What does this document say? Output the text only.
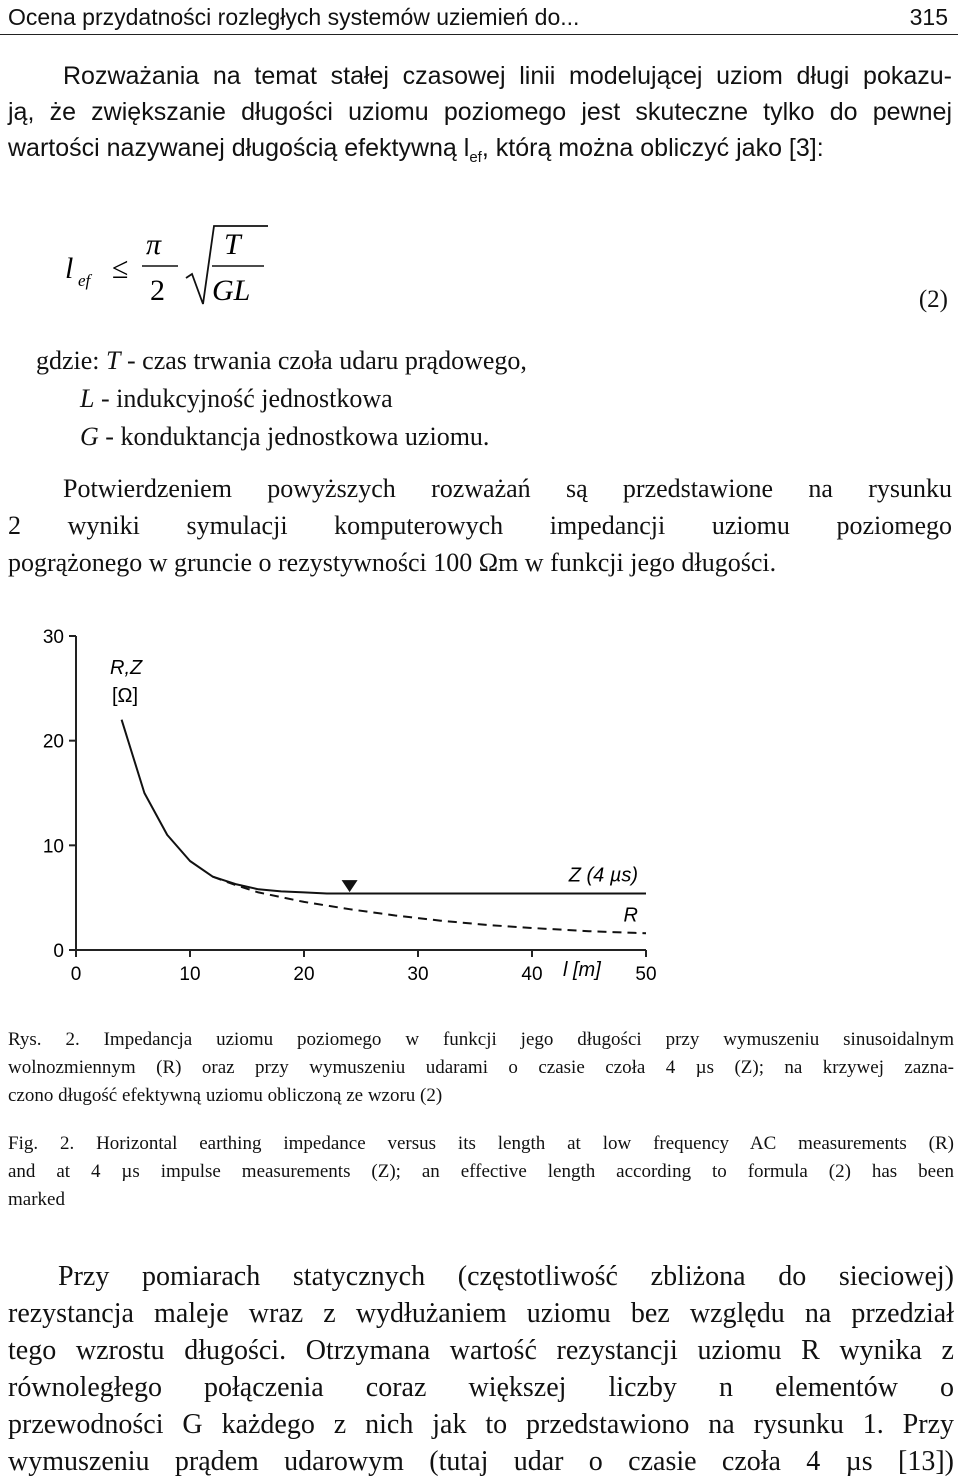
Ocena przydatności rozległych systemów uziemień do...	315
Rozważania na temat stałej czasowej linii modelującej uziom długi pokazu-
ją, że zwiększanie długości uziomu poziomego jest skuteczne tylko do pewnej
wartości nazywanej długością efektywną $l_{ef}$, którą można obliczyć jako [3]:
l ef ≤
π
2
T
GL	(2)
gdzie: T - czas trwania czoła udaru prądowego,
L - indukcyjność jednostkowa
G - konduktancja jednostkowa uziomu.
Potwierdzeniem powyższych rozważań są przedstawione na rysunku
2 wyniki symulacji komputerowych impedancji uziomu poziomego
pogrążonego w gruncie o rezystywności 100 Ωm w funkcji jego długości.
0	10	20	30	40	50
0
10
20
30
R,Z
[Ω]
l [m]
Z (4 µs)
R
Rys. 2. Impedancja uziomu poziomego w funkcji jego długości przy wymuszeniu sinusoidalnym
wolnozmiennym (R) oraz przy wymuszeniu udarami o czasie czoła 4 µs (Z); na krzywej zazna-
czono długość efektywną uziomu obliczoną ze wzoru (2)
Fig. 2. Horizontal earthing impedance versus its length at low frequency AC measurements (R)
and at 4 µs impulse measurements (Z); an effective length according to formula (2) has been
marked
Przy pomiarach statycznych (częstotliwość zbliżona do sieciowej)
rezystancja maleje wraz z wydłużaniem uziomu bez względu na przedział
tego wzrostu długości. Otrzymana wartość rezystancji uziomu R wynika z
równoległego połączenia coraz większej liczby n elementów o
przewodności G każdego z nich jak to przedstawiono na rysunku 1. Przy
wymuszeniu prądem udarowym (tutaj udar o czasie czoła 4 µs [13])
